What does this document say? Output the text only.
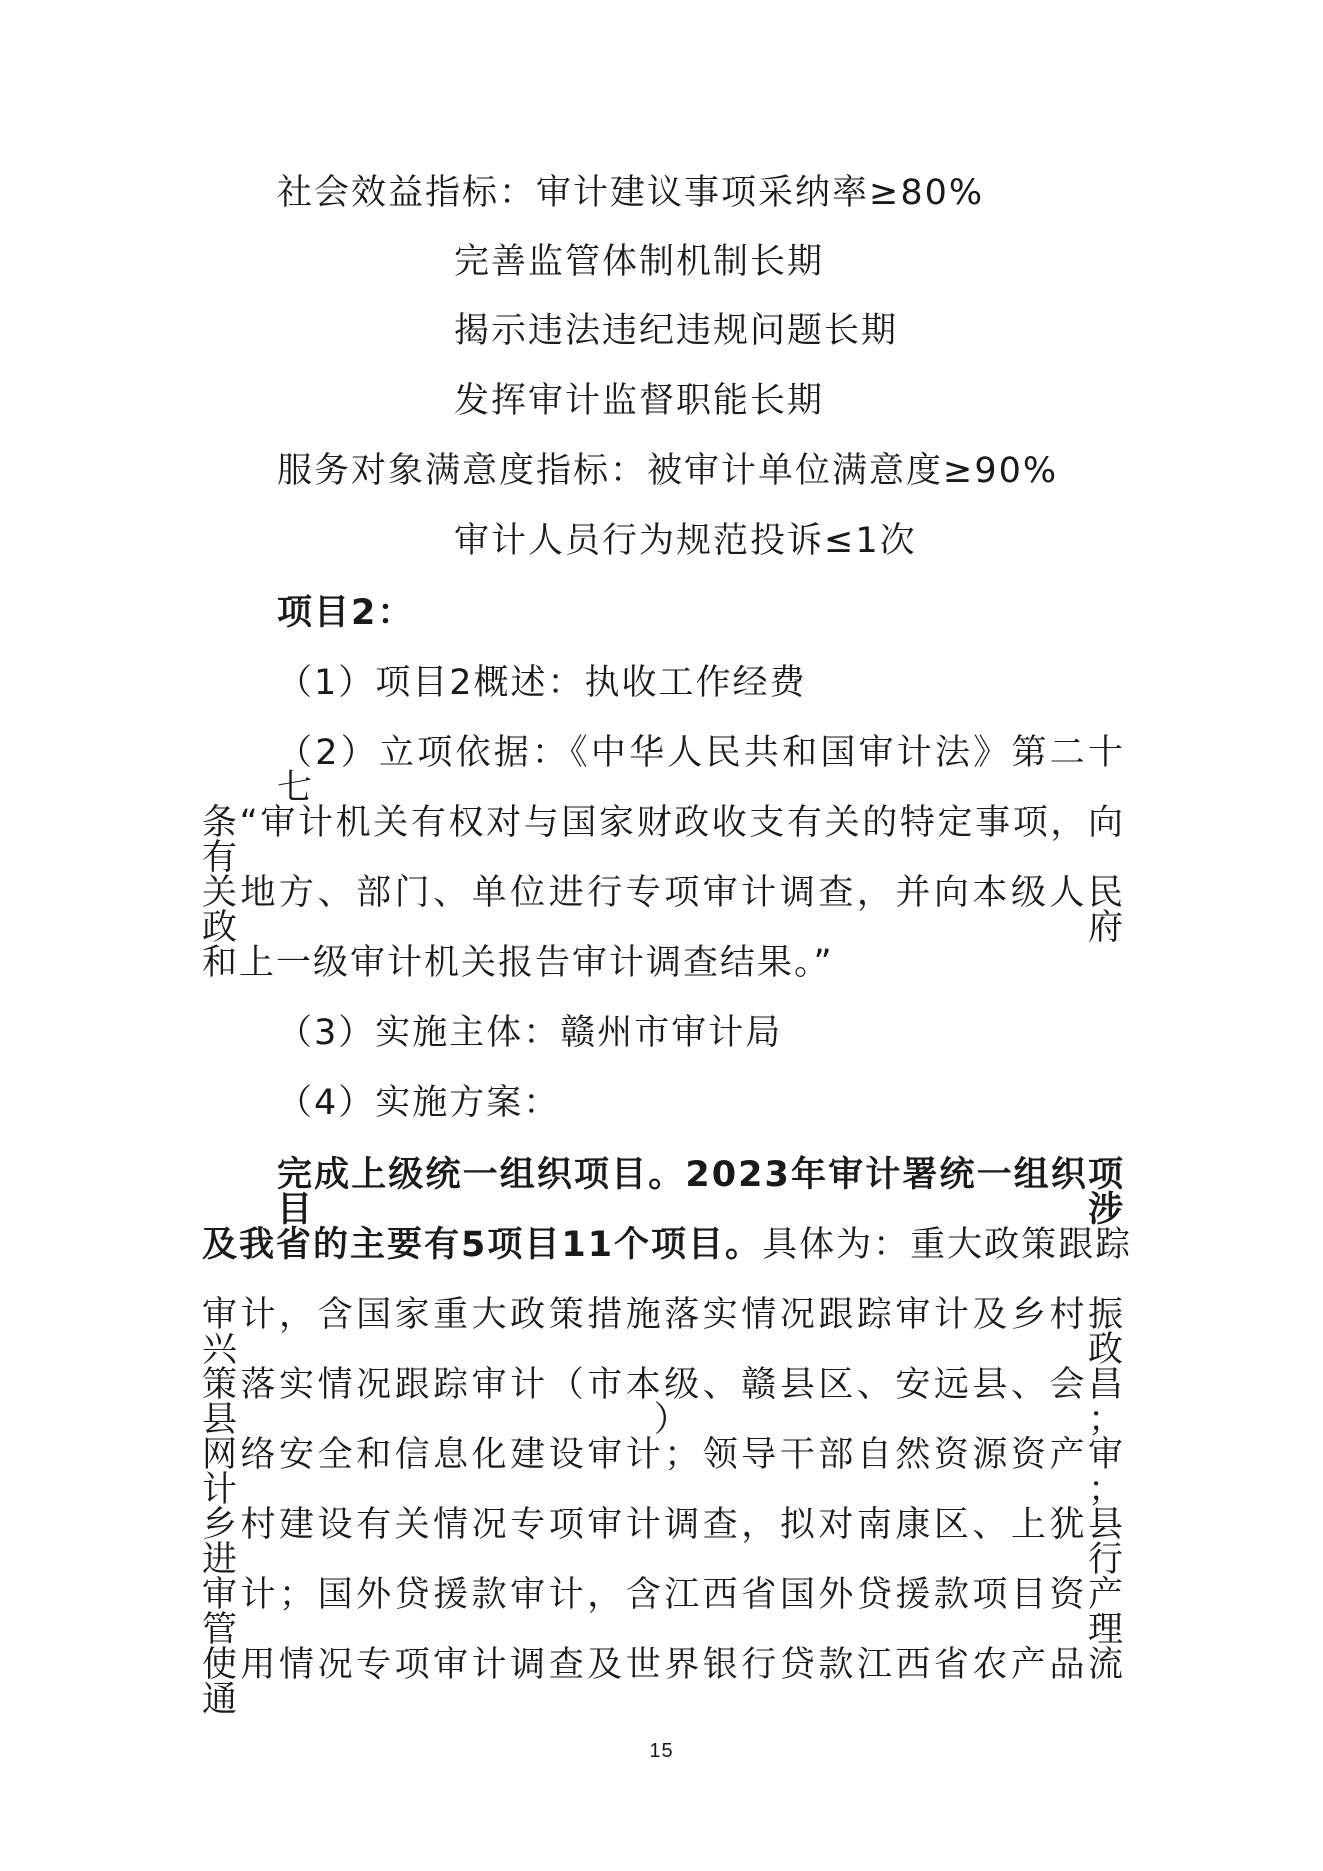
社会效益指标：审计建议事项采纳率≥80%
完善监管体制机制长期
揭示违法违纪违规问题长期
发挥审计监督职能长期
服务对象满意度指标：被审计单位满意度≥90%
审计人员行为规范投诉≤1次
项目2：
（1）项目2概述：执收工作经费
（2）立项依据：《中华人民共和国审计法》第二十七
条“审计机关有权对与国家财政收支有关的特定事项，向有
关地方、部门、单位进行专项审计调查，并向本级人民政府
和上一级审计机关报告审计调查结果。”
（3）实施主体：赣州市审计局
（4）实施方案：
完成上级统一组织项目。2023年审计署统一组织项目涉
及我省的主要有5项目11个项目。具体为：重大政策跟踪
审计，含国家重大政策措施落实情况跟踪审计及乡村振兴政
策落实情况跟踪审计（市本级、赣县区、安远县、会昌县）；
网络安全和信息化建设审计；领导干部自然资源资产审计；
乡村建设有关情况专项审计调查，拟对南康区、上犹县进行
审计；国外贷援款审计，含江西省国外贷援款项目资产管理
使用情况专项审计调查及世界银行贷款江西省农产品流通
15
